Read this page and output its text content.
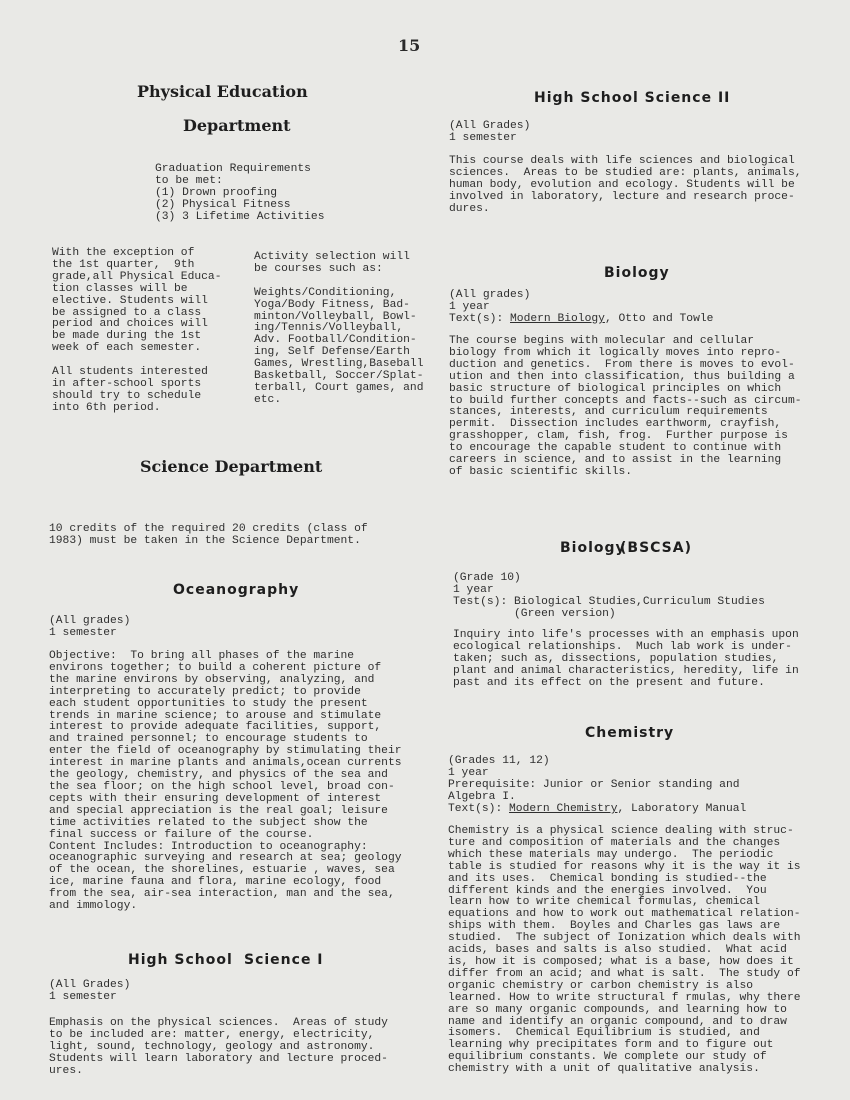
15
Physical Education
Department
Graduation Requirements
to be met:
(1) Drown proofing
(2) Physical Fitness
(3) 3 Lifetime Activities
With the exception of
the 1st quarter,  9th
grade,all Physical Educa-
tion classes will be
elective. Students will
be assigned to a class
period and choices will
be made during the 1st
week of each semester.

All students interested
in after-school sports
should try to schedule
into 6th period.
Activity selection will
be courses such as:

Weights/Conditioning,
Yoga/Body Fitness, Bad-
minton/Volleyball, Bowl-
ing/Tennis/Volleyball,
Adv. Football/Condition-
ing, Self Defense/Earth
Games, Wrestling,Baseball
Basketball, Soccer/Splat-
terball, Court games, and
etc.
Science Department
10 credits of the required 20 credits (class of
1983) must be taken in the Science Department.
Oceanography
(All grades)
1 semester
Objective:  To bring all phases of the marine
environs together; to build a coherent picture of
the marine environs by observing, analyzing, and
interpreting to accurately predict; to provide
each student opportunities to study the present
trends in marine science; to arouse and stimulate
interest to provide adequate facilities, support,
and trained personnel; to encourage students to
enter the field of oceanography by stimulating their
interest in marine plants and animals,ocean currents
the geology, chemistry, and physics of the sea and
the sea floor; on the high school level, broad con-
cepts with their ensuring development of interest
and special appreciation is the real goal; leisure
time activities related to the subject show the
final success or failure of the course.
Content Includes: Introduction to oceanography:
oceanographic surveying and research at sea; geology
of the ocean, the shorelines, estuarie , waves, sea
ice, marine fauna and flora, marine ecology, food
from the sea, air-sea interaction, man and the sea,
and immology.
High School Science I
(All Grades)
1 semester
Emphasis on the physical sciences.  Areas of study
to be included are: matter, energy, electricity,
light, sound, technology, geology and astronomy.
Students will learn laboratory and lecture proced-
ures.
High School Science II
(All Grades)
1 semester
This course deals with life sciences and biological
sciences.  Areas to be studied are: plants, animals,
human body, evolution and ecology. Students will be
involved in laboratory, lecture and research proce-
dures.
Biology
(All grades)
1 year
Text(s): Modern Biology, Otto and Towle
The course begins with molecular and cellular
biology from which it logically moves into repro-
duction and genetics.  From there is moves to evol-
ution and then into classification, thus building a
basic structure of biological principles on which
to build further concepts and facts--such as circum-
stances, interests, and curriculum requirements
permit.  Dissection includes earthworm, crayfish,
grasshopper, clam, fish, frog.  Further purpose is
to encourage the capable student to continue with
careers in science, and to assist in the learning
of basic scientific skills.
Biology
(BSCSA)
(Grade 10)
1 year
Test(s): Biological Studies,Curriculum Studies
(Green version)
Inquiry into life's processes with an emphasis upon
ecological relationships.  Much lab work is under-
taken; such as, dissections, population studies,
plant and animal characteristics, heredity, life in
past and its effect on the present and future.
Chemistry
(Grades 11, 12)
1 year
Prerequisite: Junior or Senior standing and
Algebra I.
Text(s): Modern Chemistry, Laboratory Manual
Chemistry is a physical science dealing with struc-
ture and composition of materials and the changes
which these materials may undergo.  The periodic
table is studied for reasons why it is the way it is
and its uses.  Chemical bonding is studied--the
different kinds and the energies involved.  You
learn how to write chemical formulas, chemical
equations and how to work out mathematical relation-
ships with them.  Boyles and Charles gas laws are
studied.  The subject of Ionization which deals with
acids, bases and salts is also studied.  What acid
is, how it is composed; what is a base, how does it
differ from an acid; and what is salt.  The study of
organic chemistry or carbon chemistry is also
learned. How to write structural f rmulas, why there
are so many organic compounds, and learning how to
name and identify an organic compound, and to draw
isomers.  Chemical Equilibrium is studied, and
learning why precipitates form and to figure out
equilibrium constants. We complete our study of
chemistry with a unit of qualitative analysis.
